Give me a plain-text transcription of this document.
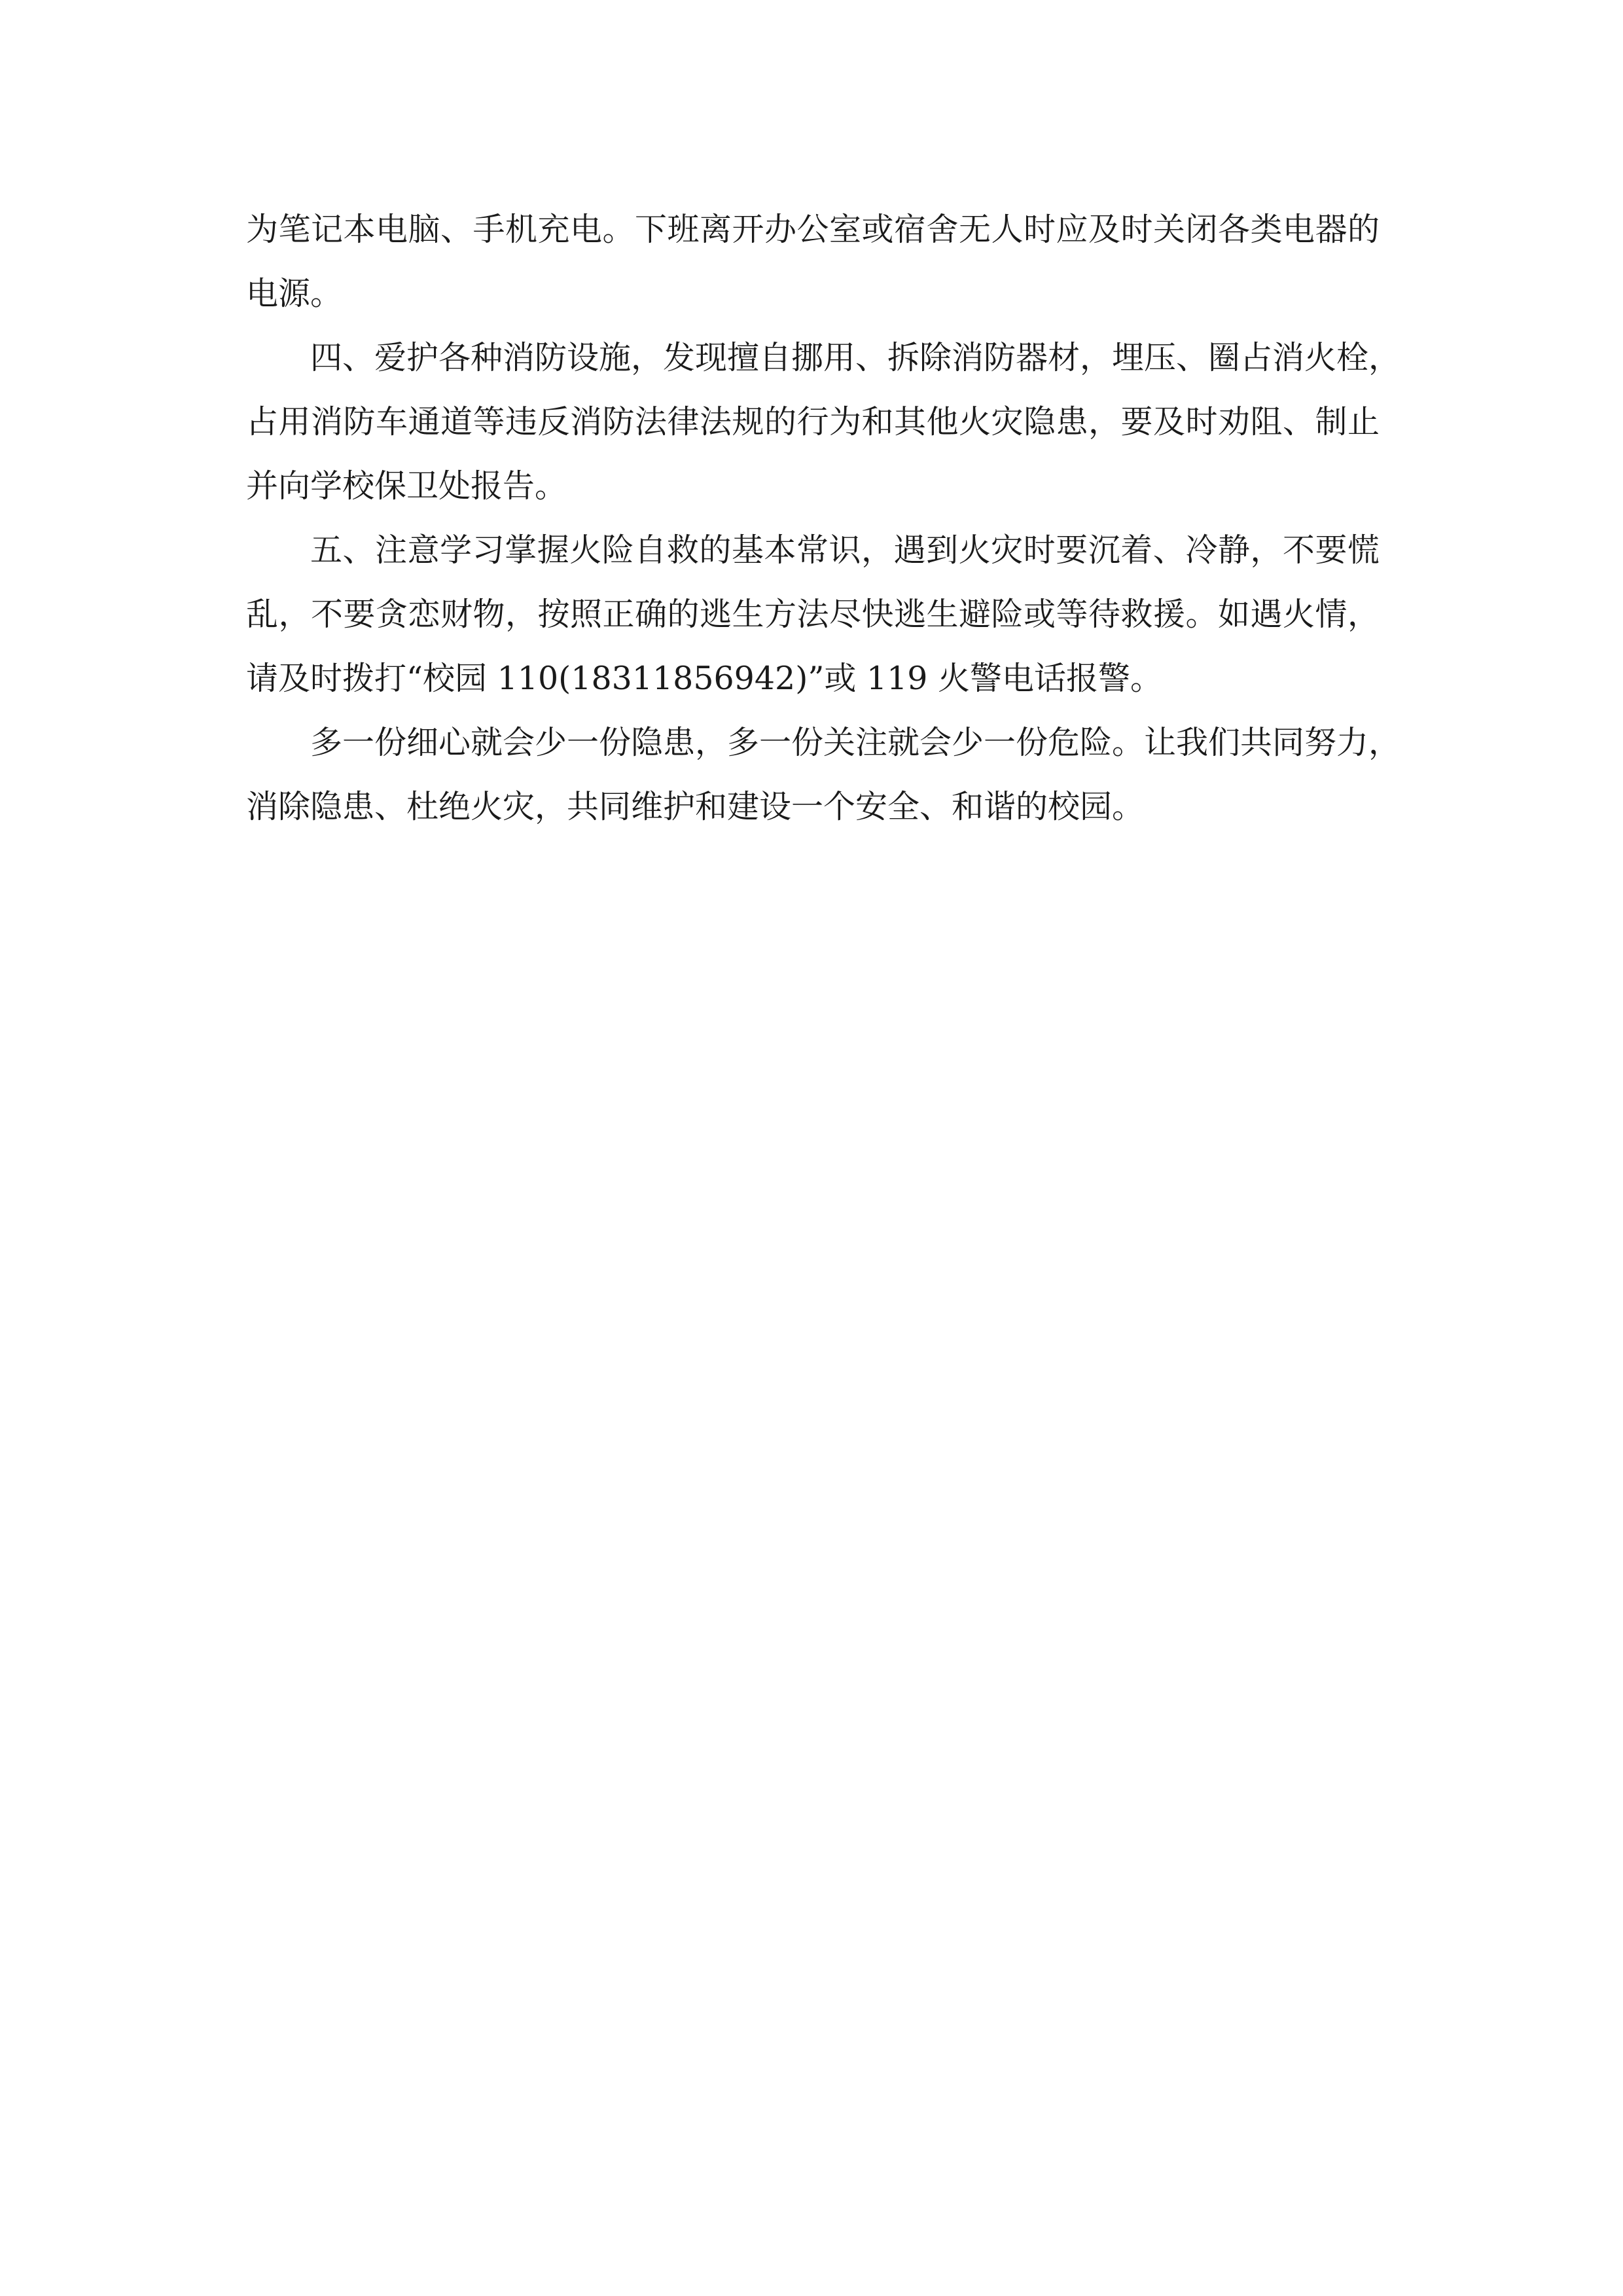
为笔记本电脑、手机充电。下班离开办公室或宿舍无人时应及时关闭各类电器的
电源。
四、爱护各种消防设施，发现擅自挪用、拆除消防器材，埋压、圈占消火栓，
占用消防车通道等违反消防法律法规的行为和其他火灾隐患，要及时劝阻、制止
并向学校保卫处报告。
五、注意学习掌握火险自救的基本常识，遇到火灾时要沉着、冷静，不要慌
乱，不要贪恋财物，按照正确的逃生方法尽快逃生避险或等待救援。如遇火情，
请及时拨打“校园 110(18311856942)”或 119 火警电话报警。
多一份细心就会少一份隐患，多一份关注就会少一份危险。让我们共同努力，
消除隐患、杜绝火灾，共同维护和建设一个安全、和谐的校园。
